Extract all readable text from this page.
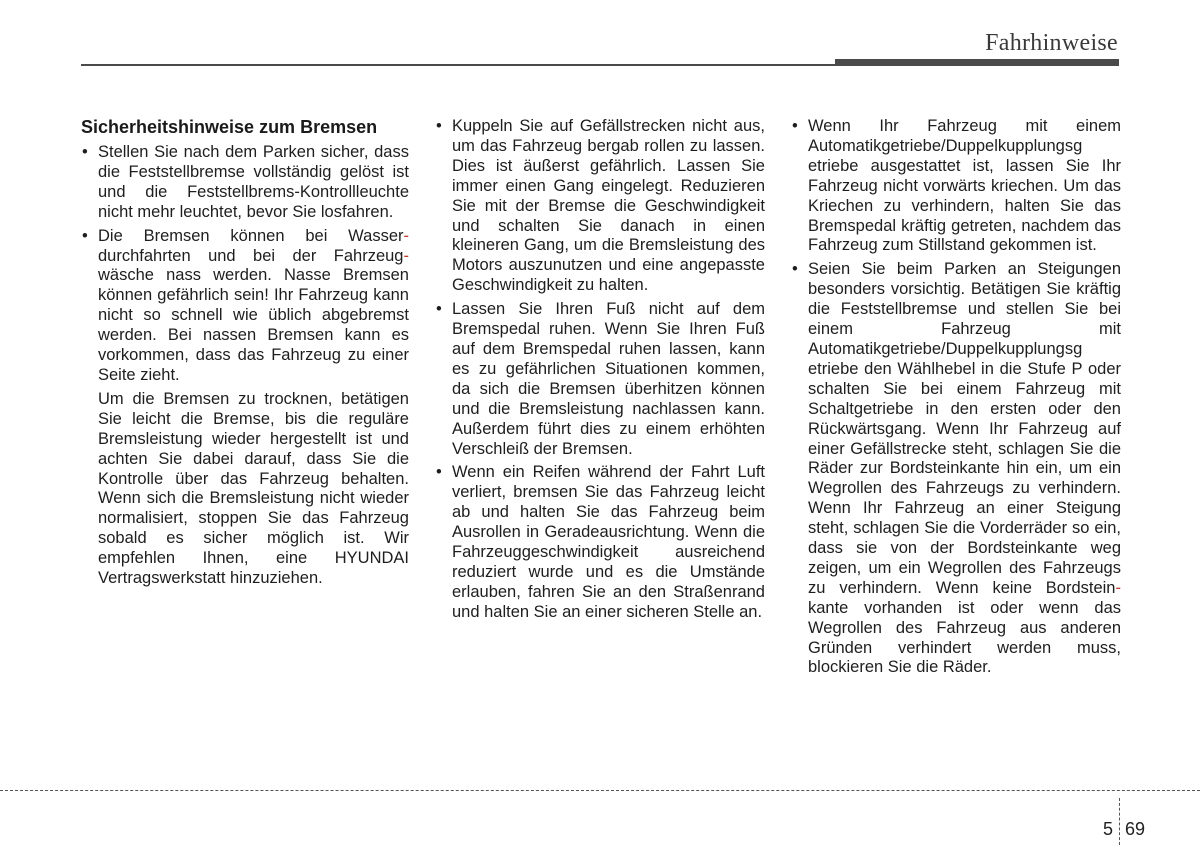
Fahrhinweise
Sicherheitshinweise zum Bremsen
• Stellen Sie nach dem Parken sicher, dass die Feststellbremse vollständig gelöst ist und die Feststellbrems-Kontrollleuchte nicht mehr leuchtet, bevor Sie losfahren.
• Die Bremsen können bei Wasser- durchfahrten und bei der Fahrzeug- wäsche nass werden. Nasse Bremsen können gefährlich sein! Ihr Fahrzeug kann nicht so schnell wie üblich abgebremst werden. Bei nassen Bremsen kann es vorkommen, dass das Fahrzeug zu einer Seite zieht.
Um die Bremsen zu trocknen, betätigen Sie leicht die Bremse, bis die reguläre Bremsleistung wieder hergestellt ist und achten Sie dabei darauf, dass Sie die Kontrolle über das Fahrzeug behalten. Wenn sich die Bremsleistung nicht wieder normalisiert, stoppen Sie das Fahrzeug sobald es sicher möglich ist. Wir empfehlen Ihnen, eine HYUNDAI Vertragswerkstatt hinzuziehen.
• Kuppeln Sie auf Gefällstrecken nicht aus, um das Fahrzeug bergab rollen zu lassen. Dies ist äußerst gefährlich. Lassen Sie immer einen Gang eingelegt. Reduzieren Sie mit der Bremse die Geschwindigkeit und schalten Sie danach in einen kleineren Gang, um die Bremsleistung des Motors auszunutzen und eine angepasste Geschwindigkeit zu halten.
• Lassen Sie Ihren Fuß nicht auf dem Bremspedal ruhen. Wenn Sie Ihren Fuß auf dem Bremspedal ruhen lassen, kann es zu gefährlichen Situationen kommen, da sich die Bremsen überhitzen können und die Bremsleistung nachlassen kann. Außerdem führt dies zu einem erhöhten Verschleiß der Bremsen.
• Wenn ein Reifen während der Fahrt Luft verliert, bremsen Sie das Fahrzeug leicht ab und halten Sie das Fahrzeug beim Ausrollen in Geradeausrichtung. Wenn die Fahrzeuggeschwindigkeit ausreichend reduziert wurde und es die Umstände erlauben, fahren Sie an den Straßenrand und halten Sie an einer sicheren Stelle an.
• Wenn Ihr Fahrzeug mit einem Automatikgetriebe/Duppelkupplungsg etriebe ausgestattet ist, lassen Sie Ihr Fahrzeug nicht vorwärts kriechen. Um das Kriechen zu verhindern, halten Sie das Bremspedal kräftig getreten, nachdem das Fahrzeug zum Stillstand gekommen ist.
• Seien Sie beim Parken an Steigungen besonders vorsichtig. Betätigen Sie kräftig die Feststellbremse und stellen Sie bei einem Fahrzeug mit Automatikgetriebe/Duppelkupplungsg etriebe den Wählhebel in die Stufe P oder schalten Sie bei einem Fahrzeug mit Schaltgetriebe in den ersten oder den Rückwärtsgang. Wenn Ihr Fahrzeug auf einer Gefällstrecke steht, schlagen Sie die Räder zur Bordsteinkante hin ein, um ein Wegrollen des Fahrzeugs zu verhindern. Wenn Ihr Fahrzeug an einer Steigung steht, schlagen Sie die Vorderräder so ein, dass sie von der Bordsteinkante weg zeigen, um ein Wegrollen des Fahrzeugs zu verhindern. Wenn keine Bordstein- kante vorhanden ist oder wenn das Wegrollen des Fahrzeug aus anderen Gründen verhindert werden muss, blockieren Sie die Räder.
5 69
